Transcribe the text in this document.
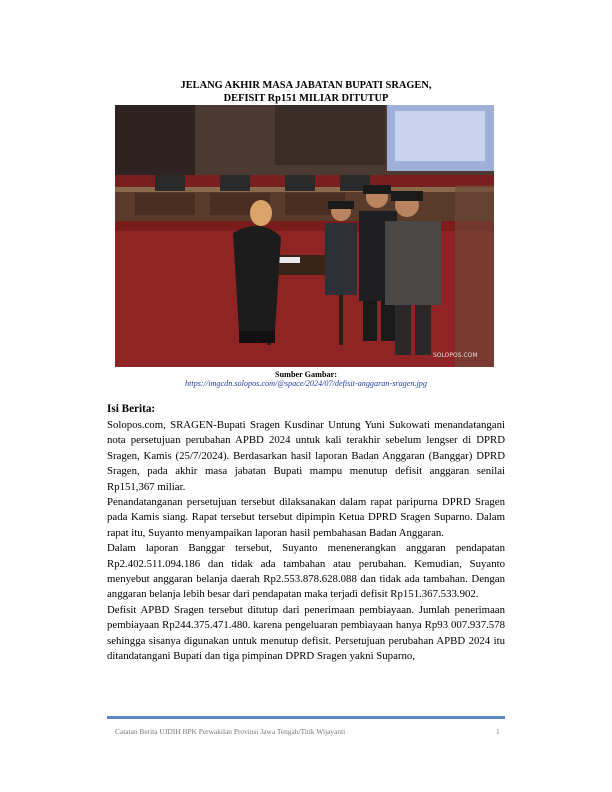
JELANG AKHIR MASA JABATAN BUPATI SRAGEN,
DEFISIT Rp151 MILIAR DITUTUP
SOLOPOS.COM
Sumber Gambar:
https://imgcdn.solopos.com/@space/2024/07/defisit-anggaran-sragen.jpg
Isi Berita:

Solopos.com, SRAGEN-Bupati Sragen Kusdinar Untung Yuni Sukowati menandatangani nota persetujuan perubahan APBD 2024 untuk kali terakhir sebelum lengser di DPRD Sragen, Kamis (25/7/2024). Berdasarkan hasil laporan Badan Anggaran (Banggar) DPRD Sragen, pada akhir masa jabatan Bupati mampu menutup defisit anggaran senilai Rp151,367 miliar.

Penandatanganan persetujuan tersebut dilaksanakan dalam rapat paripurna DPRD Sragen pada Kamis siang. Rapat tersebut tersebut dipimpin Ketua DPRD Sragen Suparno. Dalam rapat itu, Suyanto menyampaikan laporan hasil pembahasan Badan Anggaran.

Dalam laporan Banggar tersebut, Suyanto menenerangkan anggaran pendapatan Rp2.402.511.094.186 dan tidak ada tambahan atau perubahan. Kemudian, Suyanto menyebut anggaran belanja daerah Rp2.553.878.628.088 dan tidak ada tambahan. Dengan anggaran belanja lebih besar dari pendapatan maka terjadi defisit Rp151.367.533.902.

Defisit APBD Sragen tersebut ditutup dari penerimaan pembiayaan. Jumlah penerimaan pembiayaan Rp244.375.471.480. karena pengeluaran pembiayaan hanya Rp93 007.937.578 sehingga sisanya digunakan untuk menutup defisit. Persetujuan perubahan APBD 2024 itu ditandatangani Bupati dan tiga pimpinan DPRD Sragen yakni Suparno,

Catatan Berita UJDIH BPK Perwakilan Provinsi Jawa Tengah/Titik Wijayanti	1
